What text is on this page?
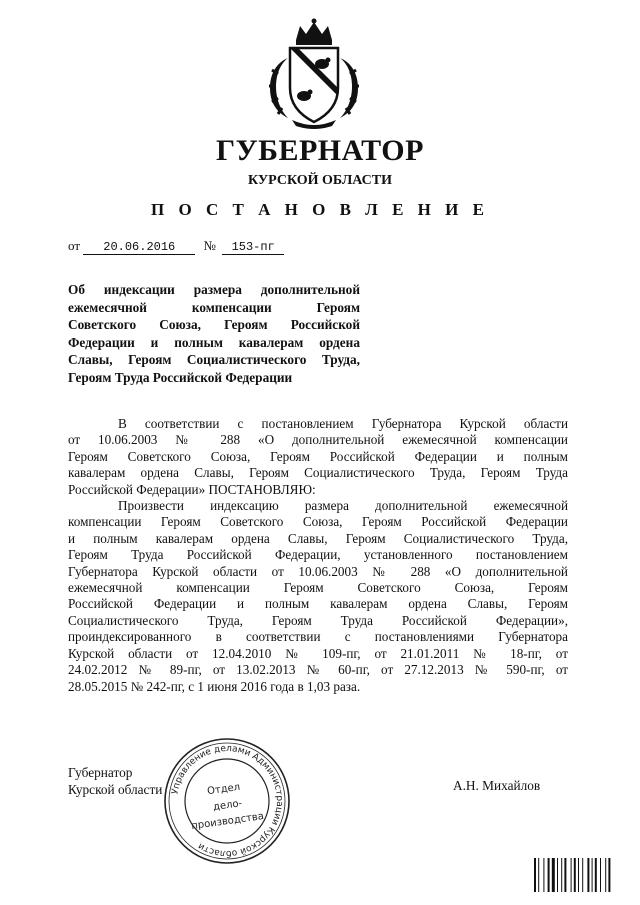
ГУБЕРНАТОР
КУРСКОЙ ОБЛАСТИ
П О С Т А Н О В Л Е Н И Е
от 20.06.2016 № 153-пг
Об индексации размера дополнительной
ежемесячной компенсации Героям
Советского Союза, Героям Российской
Федерации и полным кавалерам ордена
Славы, Героям Социалистического Труда,
Героям Труда Российской Федерации
В соответствии с постановлением Губернатора Курской области
от 10.06.2003 № 288 «О дополнительной ежемесячной компенсации
Героям Советского Союза, Героям Российской Федерации и полным
кавалерам ордена Славы, Героям Социалистического Труда, Героям Труда
Российской Федерации» ПОСТАНОВЛЯЮ:
Произвести индексацию размера дополнительной ежемесячной
компенсации Героям Советского Союза, Героям Российской Федерации
и полным кавалерам ордена Славы, Героям Социалистического Труда,
Героям Труда Российской Федерации, установленного постановлением
Губернатора Курской области от 10.06.2003 № 288 «О дополнительной
ежемесячной компенсации Героям Советского Союза, Героям
Российской Федерации и полным кавалерам ордена Славы, Героям
Социалистического Труда, Героям Труда Российской Федерации»,
проиндексированного в соответствии с постановлениями Губернатора
Курской области от 12.04.2010 № 109-пг, от 21.01.2011 № 18-пг, от
24.02.2012 № 89-пг, от 13.02.2013 № 60-пг, от 27.12.2013 № 590-пг, от
28.05.2015 № 242-пг, с 1 июня 2016 года в 1,03 раза.
Губернатор
Курской области	А.Н. Михайлов
Управление делами Администрации Курской области
Отдел
дело-
производства
